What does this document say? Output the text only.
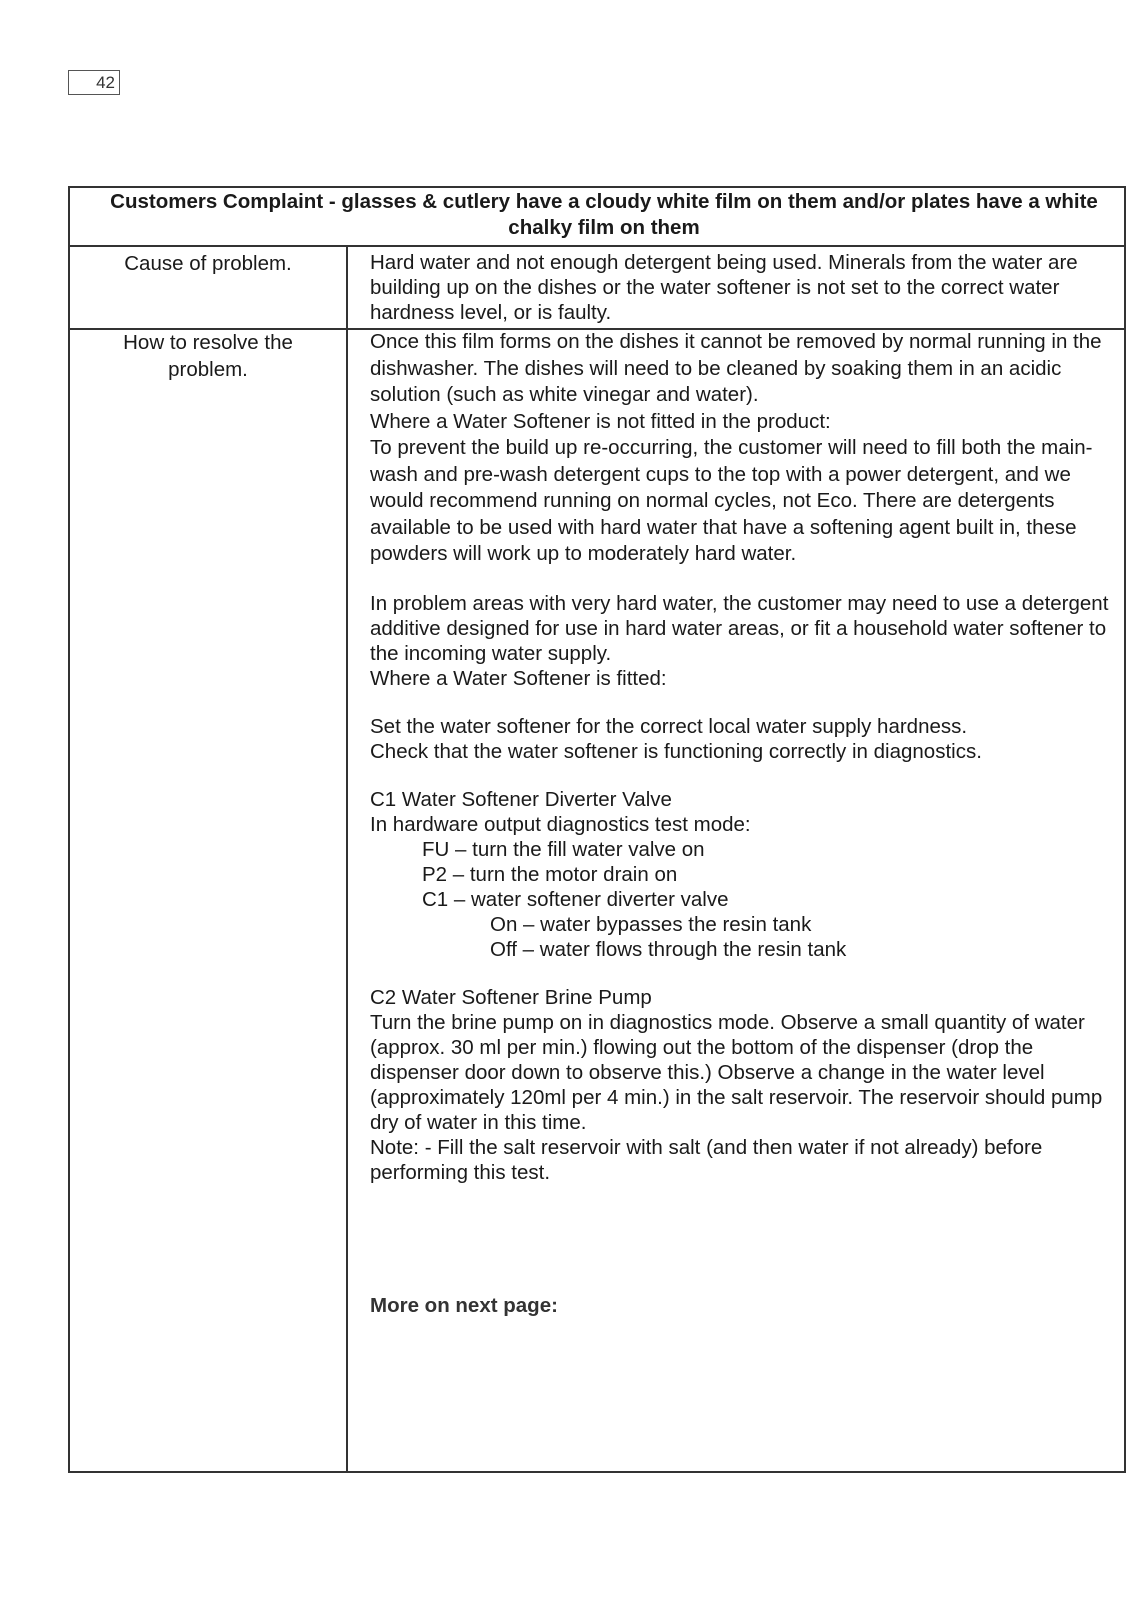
42
Customers Complaint - glasses & cutlery have a cloudy white film on them and/or plates have a white chalky film on them
Cause of problem.	Hard water and not enough detergent being used. Minerals from the water are building up on the dishes or the water softener is not set to the correct water hardness level, or is faulty.
How to resolve the problem.

Once this film forms on the dishes it cannot be removed by normal running in the dishwasher. The dishes will need to be cleaned by soaking them in an acidic solution (such as white vinegar and water).

Where a Water Softener is not fitted in the product:

To prevent the build up re-occurring, the customer will need to fill both the main-wash and pre-wash detergent cups to the top with a power detergent, and we would recommend running on normal cycles, not Eco. There are detergents available to be used with hard water that have a softening agent built in, these powders will work up to moderately hard water.

In problem areas with very hard water, the customer may need to use a detergent additive designed for use in hard water areas, or fit a household water softener to the incoming water supply.

Where a Water Softener is fitted:

Set the water softener for the correct local water supply hardness.

Check that the water softener is functioning correctly in diagnostics.

C1 Water Softener Diverter Valve

In hardware output diagnostics test mode:

FU – turn the fill water valve on

P2 – turn the motor drain on

C1 – water softener diverter valve

On – water bypasses the resin tank

Off – water flows through the resin tank

C2 Water Softener Brine Pump

Turn the brine pump on in diagnostics mode. Observe a small quantity of water (approx. 30 ml per min.) flowing out the bottom of the dispenser (drop the dispenser door down to observe this.) Observe a change in the water level (approximately 120ml per 4 min.) in the salt reservoir. The reservoir should pump dry of water in this time.

Note: - Fill the salt reservoir with salt (and then water if not already) before performing this test.

More on next page:
